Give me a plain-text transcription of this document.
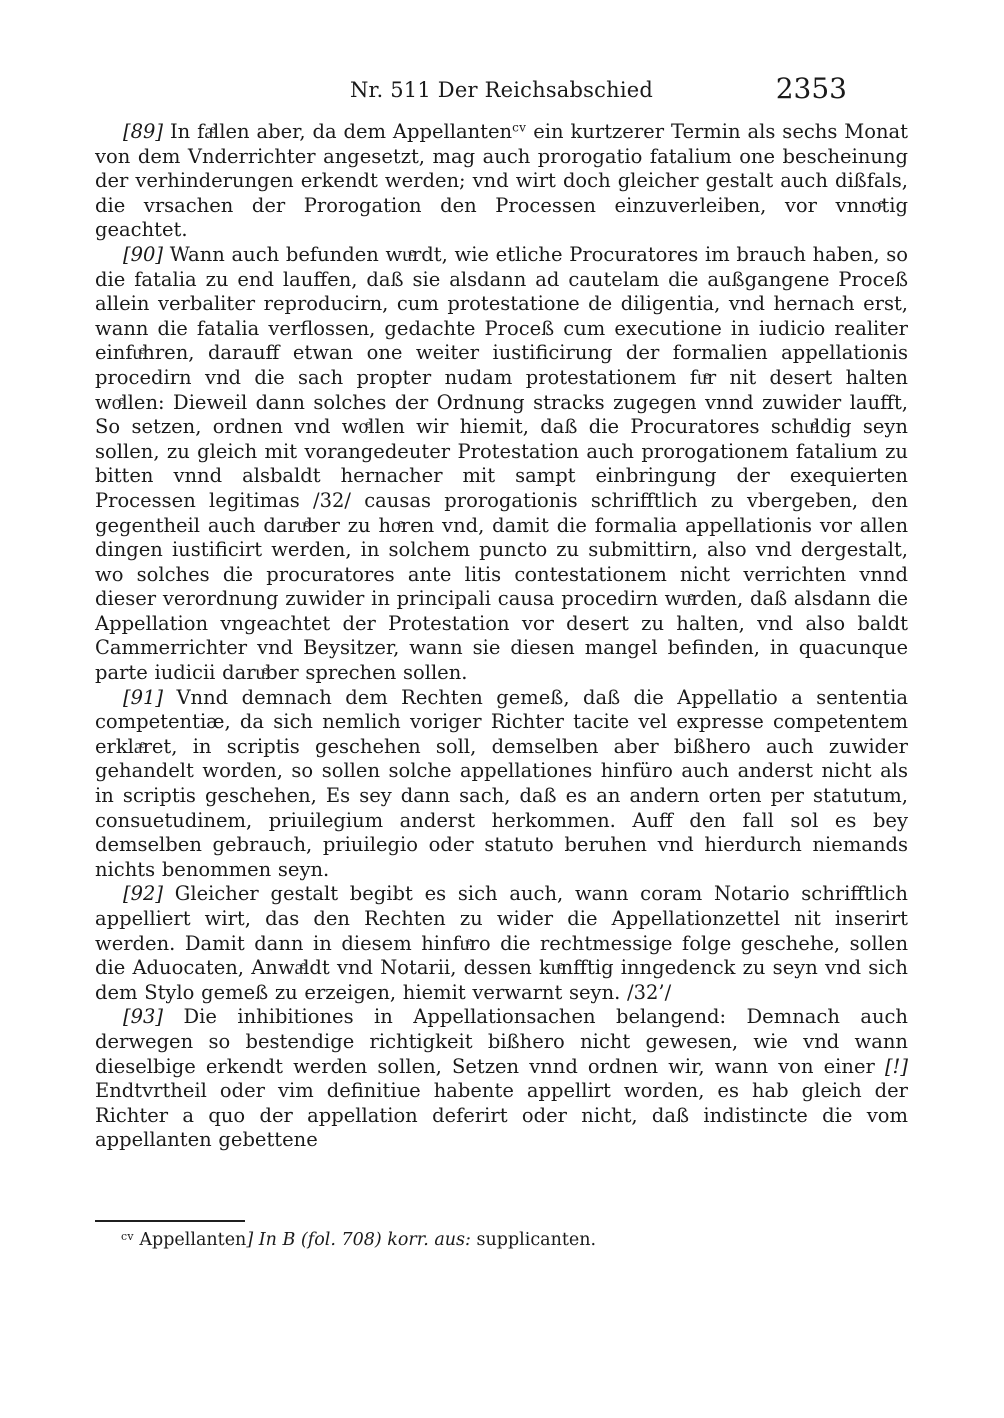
Nr. 511 Der Reichsabschied	2353

[89] In faͤllen aber, da dem Appellanten$^{cv}$ ein kurtzerer Termin als sechs Monat von dem Vnderrichter angesetzt, mag auch prorogatio fatalium one bescheinung der verhinderungen erkendt werden; vnd wirt doch gleicher gestalt auch dißfals, die vrsachen der Prorogation den Processen einzuverleiben, vor vnnoͤtig geachtet.

[90] Wann auch befunden wuͤrdt, wie etliche Procuratores im brauch haben, so die fatalia zu end lauffen, daß sie alsdann ad cautelam die außgangene Proceß allein verbaliter reproducirn, cum protestatione de diligentia, vnd hernach erst, wann die fatalia verflossen, gedachte Proceß cum executione in iudicio realiter einfuͤhren, darauff etwan one weiter iustificirung der formalien appellationis procedirn vnd die sach propter nudam protestationem fuͤr nit desert halten woͤllen: Dieweil dann solches der Ordnung stracks zugegen vnnd zuwider laufft, So setzen, ordnen vnd woͤllen wir hiemit, daß die Procuratores schuͤldig seyn sollen, zu gleich mit vorangedeuter Protestation auch prorogationem fatalium zu bitten vnnd alsbaldt hernacher mit sampt einbringung der exequierten Processen legitimas /32/ causas prorogationis schrifftlich zu vbergeben, den gegentheil auch daruͤber zu hoͤren vnd, damit die formalia appellationis vor allen dingen iustificirt werden, in solchem puncto zu submittirn, also vnd dergestalt, wo solches die procuratores ante litis contestationem nicht verrichten vnnd dieser verordnung zuwider in principali causa procedirn wuͤrden, daß alsdann die Appellation vngeachtet der Protestation vor desert zu halten, vnd also baldt Cammerrichter vnd Beysitzer, wann sie diesen mangel befinden, in quacunque parte iudicii daruͤber sprechen sollen.

[91] Vnnd demnach dem Rechten gemeß, daß die Appellatio a sententia competentiæ, da sich nemlich voriger Richter tacite vel expresse competentem erklaͤret, in scriptis geschehen soll, demselben aber bißhero auch zuwider gehandelt worden, so sollen solche appellationes hinfüro auch anderst nicht als in scriptis geschehen, Es sey dann sach, daß es an andern orten per statutum, consuetudinem, priuilegium anderst herkommen. Auff den fall sol es bey demselben gebrauch, priuilegio oder statuto beruhen vnd hierdurch niemands nichts benommen seyn.

[92] Gleicher gestalt begibt es sich auch, wann coram Notario schrifftlich appelliert wirt, das den Rechten zu wider die Appellationzettel nit inserirt werden. Damit dann in diesem hinfuͤro die rechtmessige folge geschehe, sollen die Aduocaten, Anwaͤldt vnd Notarii, dessen kuͤnfftig inngedenck zu seyn vnd sich dem Stylo gemeß zu erzeigen, hiemit verwarnt seyn. /32’/

[93] Die inhibitiones in Appellationsachen belangend: Demnach auch derwegen so bestendige richtigkeit bißhero nicht gewesen, wie vnd wann dieselbige erkendt werden sollen, Setzen vnnd ordnen wir, wann von einer [!] Endtvrtheil oder vim definitiue habente appellirt worden, es hab gleich der Richter a quo der appellation deferirt oder nicht, daß indistincte die vom appellanten gebettene

$^{cv}$ Appellanten] In B (fol. 708) korr. aus: supplicanten.
